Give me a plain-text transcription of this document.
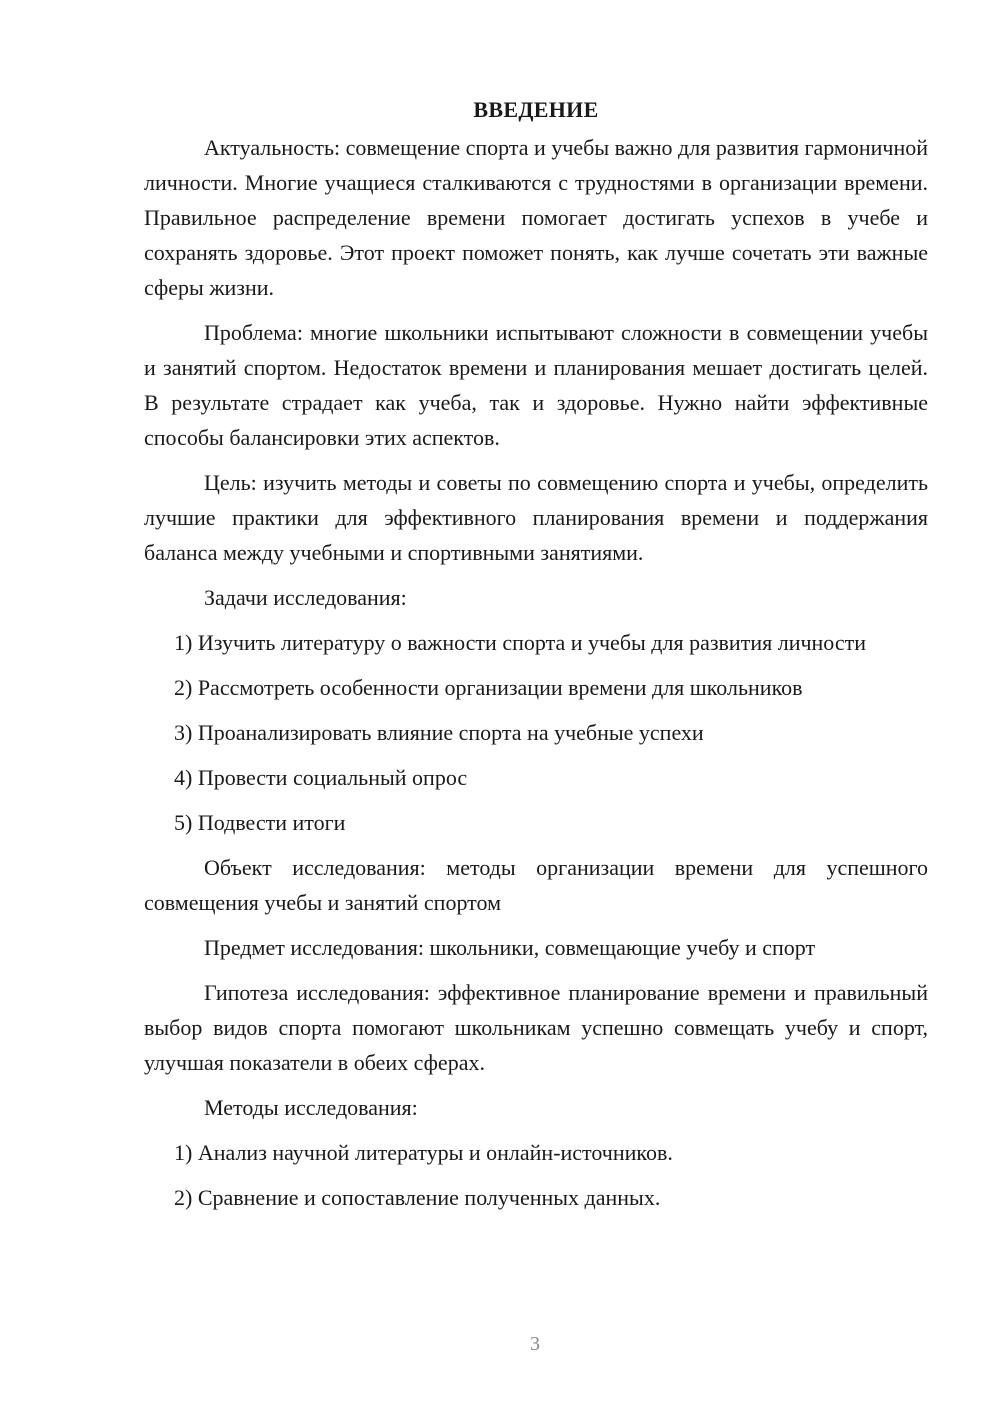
ВВЕДЕНИЕ

Актуальность: совмещение спорта и учебы важно для развития гармоничной личности. Многие учащиеся сталкиваются с трудностями в организации времени. Правильное распределение времени помогает достигать успехов в учебе и сохранять здоровье. Этот проект поможет понять, как лучше сочетать эти важные сферы жизни.

Проблема: многие школьники испытывают сложности в совмещении учебы и занятий спортом. Недостаток времени и планирования мешает достигать целей. В результате страдает как учеба, так и здоровье. Нужно найти эффективные способы балансировки этих аспектов.

Цель: изучить методы и советы по совмещению спорта и учебы, определить лучшие практики для эффективного планирования времени и поддержания баланса между учебными и спортивными занятиями.

Задачи исследования:

1) Изучить литературу о важности спорта и учебы для развития личности

2) Рассмотреть особенности организации времени для школьников

3) Проанализировать влияние спорта на учебные успехи

4) Провести социальный опрос

5) Подвести итоги

Объект исследования: методы организации времени для успешного совмещения учебы и занятий спортом

Предмет исследования: школьники, совмещающие учебу и спорт

Гипотеза исследования: эффективное планирование времени и правильный выбор видов спорта помогают школьникам успешно совмещать учебу и спорт, улучшая показатели в обеих сферах.

Методы исследования:

1) Анализ научной литературы и онлайн-источников.

2) Сравнение и сопоставление полученных данных.

3
